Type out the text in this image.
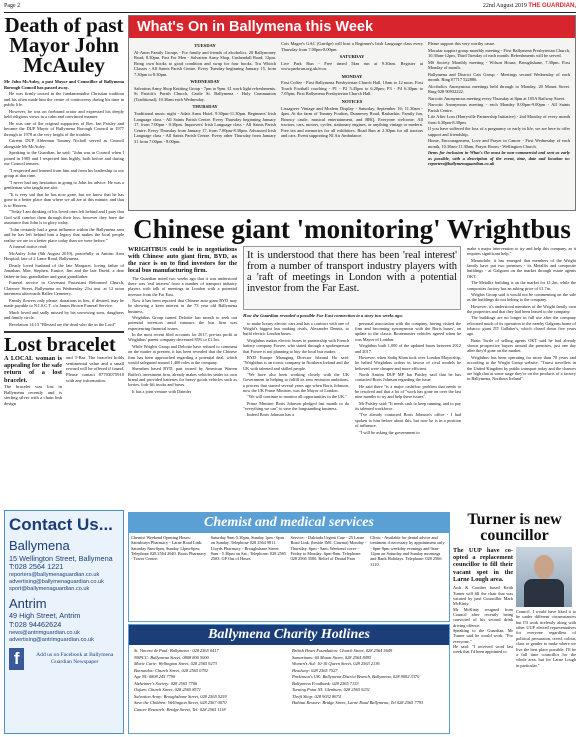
Page 2	22nd August 2019 THE GUARDIAN,
Death of past Mayor John McAuley

Mr John McAuley, a past Mayor and Councillor of Ballymena Borough Council has passed away.

He was firmly rooted in the fundamentalist Christian tradition and his often made him the centre of controversy during his time in public life.

However, he was on firebrand orator and expressed his deeply held religious views in a calm and convinced manner.

He was one of the original supporters of Rev. Ian Paisley and became the DUP Mayor of Ballymena Borough Council in 1977 through to 1978 at the very height of the troubles.

Current DUP Alderman Tommy Nicholl served as Council alongside Mr McAuley.

Speaking to the Guardian, he said: "John was in Council when I joined in 1985 and I respected him highly, both before and during our Council tenures.

"I respected and learned from him and from his leadership to our group at that time.

"I never had any hesitation in going to John for advice. He was a gentleman who taught me alot.

"It is very sad that he has now gone, but we know that he has gone to a better place than where we all are at this minute, and that is to Heaven.

"Today I am thinking of his loved ones left behind and I pray that God will comfort them through their loss, however they have the assurance that John is in glory today.

"John certainly had a great influence within the Ballymena area and he has left behind him a legacy that makes the local people realise we are in a better place today than we were before."

A funeral notice read:

McAuley John (8th August 2019), peacefully at Antrim Area Hospital, late of 2 Lame Road, Ballymena.

Dearly loved husband of the late Margaret, loving father of Jonathan, Mae, Stephen, Eunice, Jim and the late David, a dear father-in-law, grandfather and great grandfather.

Funeral service in Covenant Protestant Reformed Church, Clarence Street, Ballymena on Wednesday 21st inst. at 12 noon interment afterwards Ballee Cemetery.

Family flowers only please, donations in lieu, if desired, may be made payable to N.I.S.C.T. c/o James Brown Funeral Service.

Much loved and sadly missed by his sorrowing sons, daughters and family circle.

Revelation 14:13 "Blessed are the dead who die in the Lord"

Lost bracelet
A LOCAL woman is appealing for the safe return of a lost bracelet.
The bracelet was lost in Ballymena recently and is sterling silver with a chain link design
and T-Bar. The bracelet holds sentimental value and a small reward will be offered if found. Please contact 07703075910 with any information.
Contact Us...
Ballymena
15 Wellington Street, Ballymena
T:028 2564 1221
reporters@ballymenaguardian.co.uk
advertising@ballymenaguardian.co.uk
sport@ballymenaguardian.co.uk
Antrim
49 High Street, Antrim
T:028 94462624
news@antrimguardian.co.uk
advertising@antrimguardian.co.uk
f	Add us on Facebook at Ballymena Guardian Newspaper
What's On in Ballymena this Week
TUESDAY

Al-Anon Family Groups - For family and friends of alcoholics. 20 Ballymoney Road, 8.30pm. Fast For Men - Salvation Army Shop, Cushendall Road, 12pm. Bring own books to good condition and swap for four books. Tru Whitch Classes - All Saints Parish Centre, Every Tuesday beginning January 15, from 7.30pm to 8.30pm.

WEDNESDAY

Salvation Army Shop Knitting Group - 7pm to 9pm. £1 work light refreshments. St Patrick's Parish Church, Castle St. Ballymena - Holy Communion (Traditional), 10.30am each Wednesday.

THURSDAY

Traditional music night - Adair Arms Hotel, 9.30pm-11.30pm. Beginners' Irish Language class - All Saints Parish Centre. Every Thursday beginning January 17, from 7.00pm - 8.30pm. Improvers' Irish Language class - All Saints Parish Centre. Every Thursday from January 17, from 7.00pm-8.30pm. Advanced Irish Language class - All Saints Parish Centre. Every other Thursday from January 31 from 7.00pm - 8.00pm.

Cois Magee's GAC (Gaeilge) will host a Beginner's Irish Language class every Thursday from 7.00pm-8.00pm.

SATURDAY

Live Park Run - Free timed 5km run at 9.30am. Register at www.parkrun.org.uk/ecos

MONDAY

First Coffee - First Ballymena Presbyterian Church Hall, 10am to 12 noon. First Touch Football coaching - P1 - P2 5.45pm to 6.20pm; P3 - P4 6.30pm to 7.05pm; First Ballymena Presbyterian Church Hall.

NOTICES

Lissagreer Vintage and Modern Display - Saturday, September 16; 11.30am - 4pm. At the farm of Tommy Foulton, Dunnevey Road, Rasharkin. Family fun, Bouncy castle, musical entertainment, and BBQ. Everyone welcome. All tractors, cars, motors, cycles, stationary engines, or anything vintage or modern. Free tea and memories for all exhibitors. Road Run at 2.30pm for all tractors and cars. Event supporting NI Air Ambulance.

Please support this very worthy cause.

Macular support group monthly meeting - First Ballymena Presbyterian Church, 10.30am-12pm, Third Tuesday of each month. Refreshments will be served.

MS Society Monthly meeting - Wilson House, Broughshane, 7.30pm. First Monday of month.

Ballymena and District Cats Group - Meetings second Wednesday of each month. Ring 07717 522886.

Alcoholics Anonymous meetings held through to Monday, 20 Mount Street. Ring 028 90932222.

Narcotic Anonymous meeting every Thursday at 8pm at 105A Railway Street.

Narcotic Anonymous meeting - each Monday 8.00pm-9.00pm - All Saints Parish Centre.

Life After Loss (Harryville Partnership Initiative) - 2nd Monday of every month from 6.30pm-8.30pm.

If you have suffered the loss of a pregnancy or early in life, we are here to offer support and friendship.

Home, Encouragement, Love and Prayer in Cancer - First Wednesday of each month, 10.30am-11.30am, Prayer Room - Wellington Church.

Items for inclusion in What's On must be non-commercial and sent as early as possible, with a description of the event, time, date and location to: reporters@ballymenaguardian.co.uk

Chinese giant 'monitoring' Wrightbus

WRIGHTBUS could be in negotiations with Chinese auto giant firm, BYD, as the race is on to find investors for the local bus manufacturing firm.

The Guardian noted two weeks ago that it was understood there was 'real interest' from a number of transport industry players with talk of meetings in London with a potential investor from the Far East.

Now it has been reported that Chinese auto giant BYD may be showing a keen interest in the 73 year old Ballymena business.

Wrightbus Group turned Deloitte last month to seek out potential investors amid rumours the bus firm was experiencing financial issues.

In the most recent filed accounts for 2017, pre-tax profit at Wrightbus' parent company decreased 85% to £1.5m.

While Wrights Group and Deloitte have refused to comment on the matter at present, it has been revealed that the Chinese firm has been approached regarding a potential deal, which would safeguard around 1,400 roles at the company.

Shenzhen based BYD, part owned by American Warren Buffet's investment firm, already makes vehicles under its own brand and provided batteries for heavy goods vehicles such as lorries, fork-lift trucks and buses.

It has a joint venture with Daimler

It is understood that there has been 'real interest' from a number of transport industry players with a 'raft of meetings in London with a potential investor from the Far East.
How the Guardian revealed a possible Far East connection to a story two weeks ago.

to make luxury electric cars and has a contract with one of Wright's biggest bus making rivals, Alexander Dennis, to build electric London buses.

Wrightbus makes electric buses in partnership with French battery company Forsee, who stated through a spokesperson that Forsee is not planning to buy the local bus maker.

BYD Europe Managing Director Isbrand Ho said: "Wrightbus is an iconic company in Northern Ireland and the UK with talented and skilled people.

"We have also been working closely with the UK Government in helping to fulfill its zero emission ambitions, a process that started several years ago when Boris Johnson, now the UK Prime Minister, was the Mayor of London.

"We will continue to monitor all opportunities in the UK."

Prime Minister Boris Johnson pledged last month to do "everything we can" to save the longstanding business.

Indeed Boris Johnson has a

personal association with the company, having visited the firm and becoming synonymous with the Boris buses', an update to the classic Routemaster vehicles agreed when he was Mayor of London.

Wrightbus built 1,000 of the updated buses between 2012 and 2017.

However, when Sadiq Khan took over London Mayorship, he halted Wrightbus orders in favour of rival models he believed were cheaper and more efficient.

North Antrim DUP MP Ian Paisley said that he has contacted Boris Johnson regarding the issue.

He said there "is a major cashflow problem that needs to be resolved and that a lot of "work has gone on over the last nine months to try and help these issues".

Mr Paisley said: "It needs cash to keep running, and to pay its talented workforce.

"I've already contacted Boris Johnson's office - I had spoken to him before about this, but now he is in a position of influence.

"I will be asking the government to

make a major intervention to try and help this company, as it requires significant help."

Meanwhile, it has emerged that members of the Wright family have put two premises - its Metallix and composite buildings - at Galgorm on the market through estate agents OKT.

The Metallix building is on the market for £1.2m, while the composites factory has an asking price of £1.7m.

Wrights Group said it would not be commenting on the sale as the buildings do not belong to the company.

However, it's understood members of the Wright family own the properties and that they had been leased to the company.

The buildings are no longer in full use after the company relocated much of its operation to the nearby Galgorm home of tobacco giant JTI Gallaher's, which closed down five years ago.

Brain Turtle of selling agents OKT said he had already shown prospective buyers around the premises, just one day after they'd gone on the market.

Wrightbus has been operating for more than 70 years and according to the Wright Group website: "Truest travellers in the United Kingdom by public transport today and the chances are high that at some stage they're on the products of a factory in Ballymena, Northern Ireland".

Chemist and medical services
Chemist Weekend Opening Hours: Sainsburys Pharmacy - Larne Road Link: Saturday 8am-6pm, Sunday 12pm-6pm; Telephone 028 2564 2640. Boots Pharmacy - Tower Centre:
Saturday 9am-5.30pm, Sunday 1pm - 6pm on Sunday. Telephone 028 2564 9811. Lloyds Pharmacy - Broughshane Street: 9am - 5.30pm on Sat., Telephone: 028 2565 2503. GP Out of Hours
Service: - Dalriada Urgent Care - 25 Larne Road Link. (beside IMC Cinema) Monday - Thursday: 6pm - 8am; Weekend cover - Friday to Monday: 6pm-8am. Telephone: 028 2566 3500. Relief of Dental Pain
Clinic - Available for dental advice and treatment if necessary by appointment only - 6pm-9pm weekday evenings and 9am-12pm on Saturday and Sunday mornings and Bank Holidays. Telephone: 028 2566 3110.
Ballymena Charity Hotlines

St. Vincent de Paul: Ballymena - 028 2565 0417

NSPCC: Ballymena Street, 0808 800 5000

Marie Curie: Wellington Street, 028 2565 9273

Barnardos: Church Street, 028 2565 0792

Age NI: 0808 245 7790

Alzheimer's Society: 028 2565 7706

Oxfam: Church Street, 028 2565 8571

Salvation Army: Broughshane Street, 028 2565 5259

Save the Children: Wellington Street, 028 2567 0070

Cancer Research: Bridge Street, Tel: 028 2565 1118

British Heart Foundation: Church Street, 028 2564 5649

Samaritans: 60 Mount Street, 028 2564 8495

Women's Aid: 10-16 Queen Street, 028 2563 2136

Headway: 028 2565 7527

Parkinson's UK: Ballymena District Branch, Ballymena, 028 9092 3370

Ballymena Foodbank: 028 2565 7153

Turning Point NI: Glenburn, 028 2565 9231

Thrift Shop: 028 9032 8674

Habitat Restore: Bridge Street, Larne Road Ballymena, Tel 028 2565 7793

Turner is new councillor
The UUP have co-opted a replacement councillor to fill their vacant spot in the Larne Lough area.

Ards & Comber based Keith Turner will fill the chair that was vacated by past Councillor Mark McKinty.

Mr McKinty resigned from Council after recently being convicted of his second drink driving offence.

Speaking to the Guardian, Mr Turner said he would work: "For everyone."

He said: "I received word last week that I'd been appointed to

Council. I would have liked it to be under different circumstances but I'll work tirelessly along with other UUP elected representatives for everyone regardless of political persuasion, creed, colour, class or gender to make where we live the best place possible. I'll be a full time councillor for the whole area, but for Larne Lough in particular."
